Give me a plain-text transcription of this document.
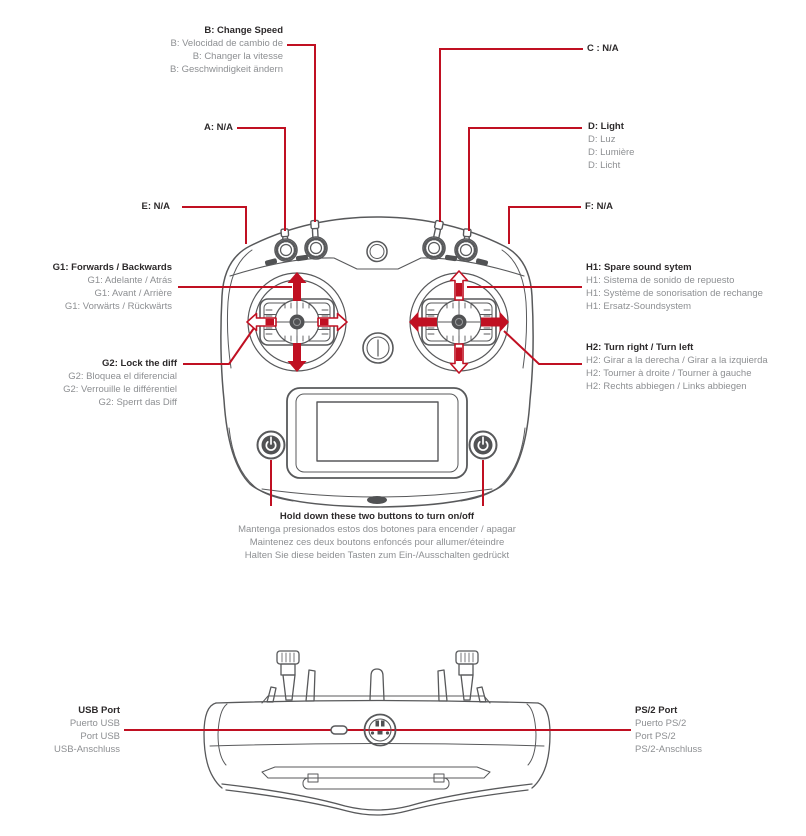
B: Change Speed
B: Velocidad de cambio de
B: Changer la vitesse
B: Geschwindigkeit ändern
A: N/A
C : N/A
D: Light
D: Luz
D: Lumière
D: Licht
E: N/A	F: N/A
G1: Forwards / Backwards
G1: Adelante / Atrás
G1: Avant / Arrière
G1: Vorwärts / Rückwärts
G2: Lock the diff
G2: Bloquea el diferencial
G2: Verrouille le différentiel
G2: Sperrt das Diff
H1: Spare sound sytem
H1: Sistema de sonido de repuesto
H1: Système de sonorisation de rechange
H1: Ersatz-Soundsystem
H2: Turn right / Turn left
H2: Girar a la derecha / Girar a la izquierda
H2: Tourner à droite / Tourner à gauche
H2: Rechts abbiegen / Links abbiegen
Hold down these two buttons to turn on/off
Mantenga presionados estos dos botones para encender / apagar
Maintenez ces deux boutons enfoncés pour allumer/éteindre
Halten Sie diese beiden Tasten zum Ein-/Ausschalten gedrückt
USB Port
Puerto USB
Port USB
USB-Anschluss
PS/2 Port
Puerto PS/2
Port PS/2
PS/2-Anschluss
